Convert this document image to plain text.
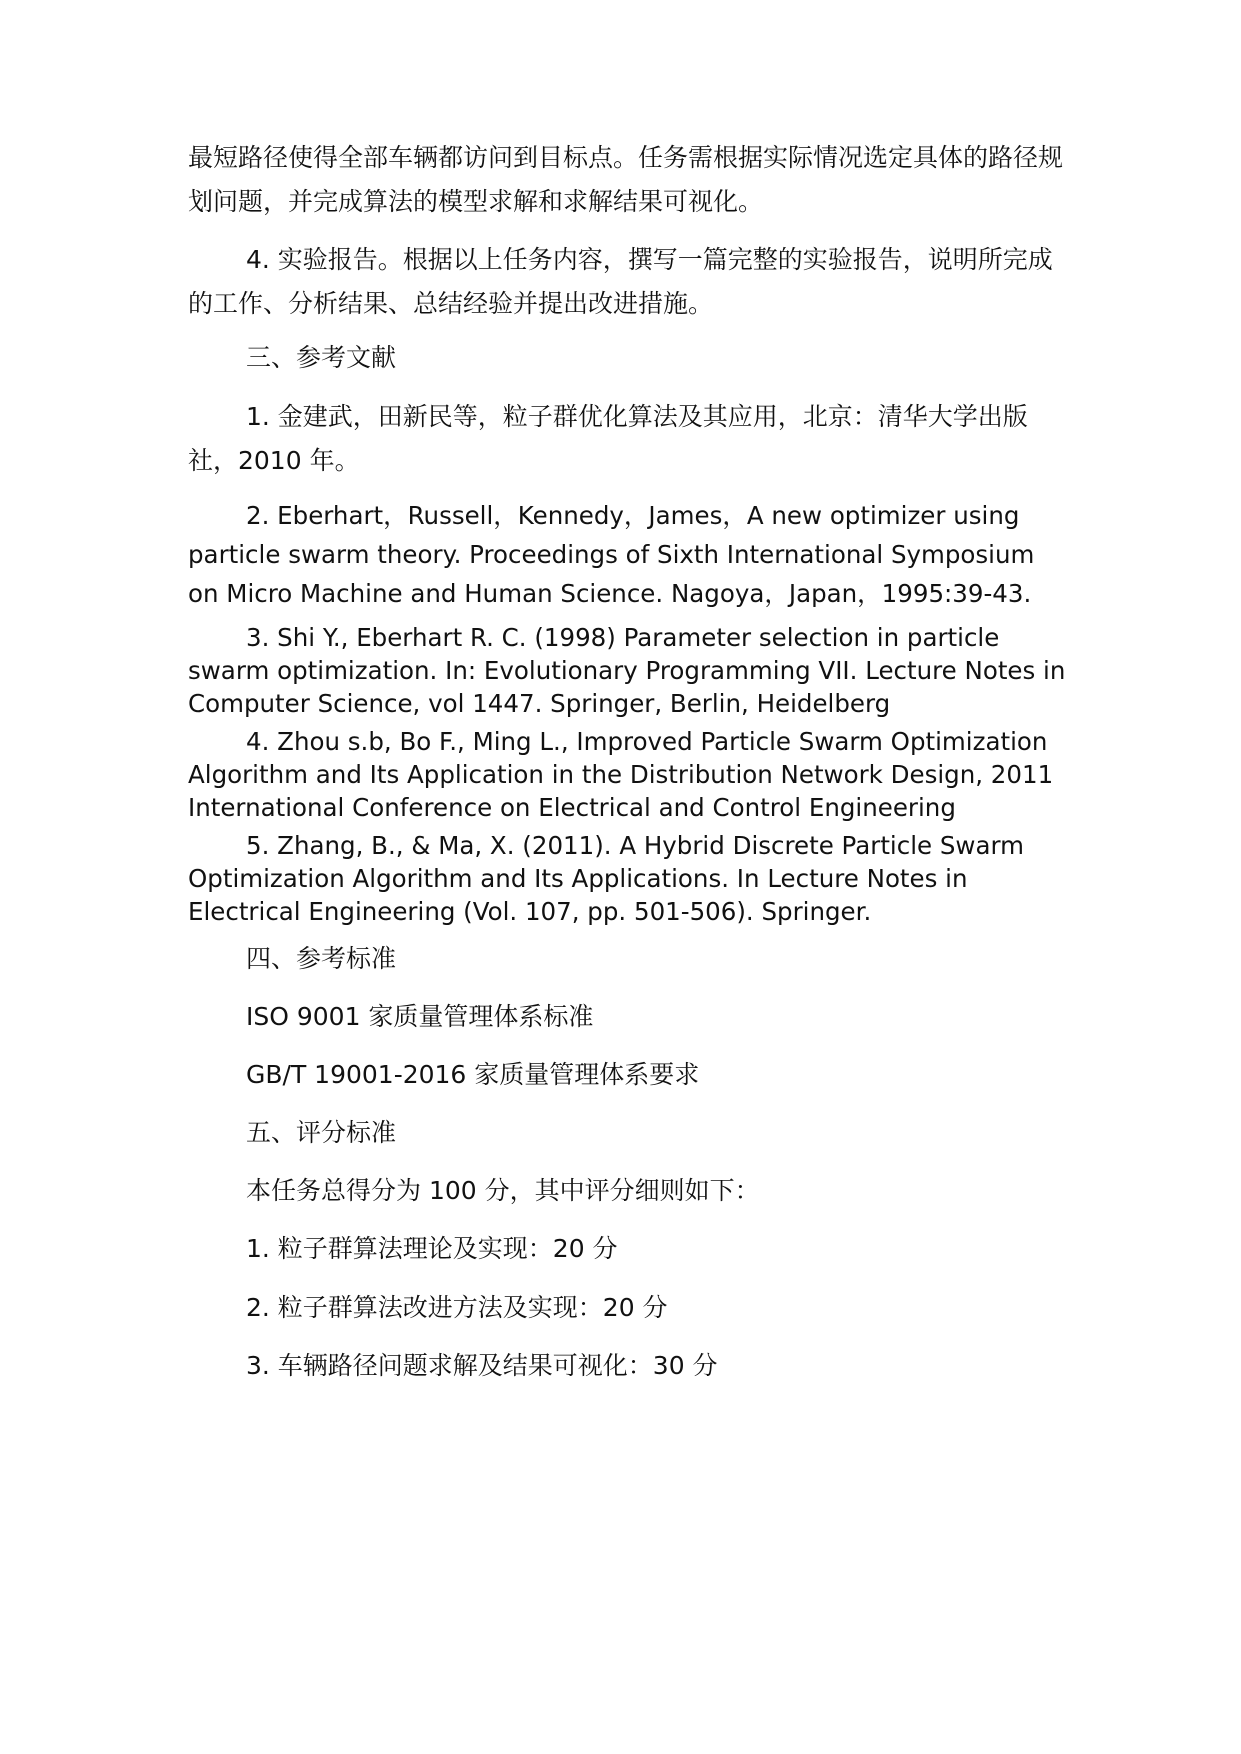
最短路径使得全部车辆都访问到目标点。任务需根据实际情况选定具体的路径规划问题，并完成算法的模型求解和求解结果可视化。

4. 实验报告。根据以上任务内容，撰写一篇完整的实验报告，说明所完成的工作、分析结果、总结经验并提出改进措施。

三、参考文献

1. 金建武，田新民等，粒子群优化算法及其应用，北京：清华大学出版社，2010 年。

2. Eberhart，Russell，Kennedy，James，A new optimizer using particle swarm theory. Proceedings of Sixth International Symposium on Micro Machine and Human Science. Nagoya，Japan，1995:39-43.

3. Shi Y., Eberhart R. C. (1998) Parameter selection in particle swarm optimization. In: Evolutionary Programming VII. Lecture Notes in Computer Science, vol 1447. Springer, Berlin, Heidelberg

4. Zhou s.b, Bo F., Ming L., Improved Particle Swarm Optimization Algorithm and Its Application in the Distribution Network Design, 2011 International Conference on Electrical and Control Engineering

5. Zhang, B., & Ma, X. (2011). A Hybrid Discrete Particle Swarm Optimization Algorithm and Its Applications. In Lecture Notes in Electrical Engineering (Vol. 107, pp. 501-506). Springer.

四、参考标准

ISO 9001 家质量管理体系标准

GB/T 19001-2016 家质量管理体系要求

五、评分标准

本任务总得分为 100 分，其中评分细则如下：

1. 粒子群算法理论及实现：20 分

2. 粒子群算法改进方法及实现：20 分

3. 车辆路径问题求解及结果可视化：30 分
